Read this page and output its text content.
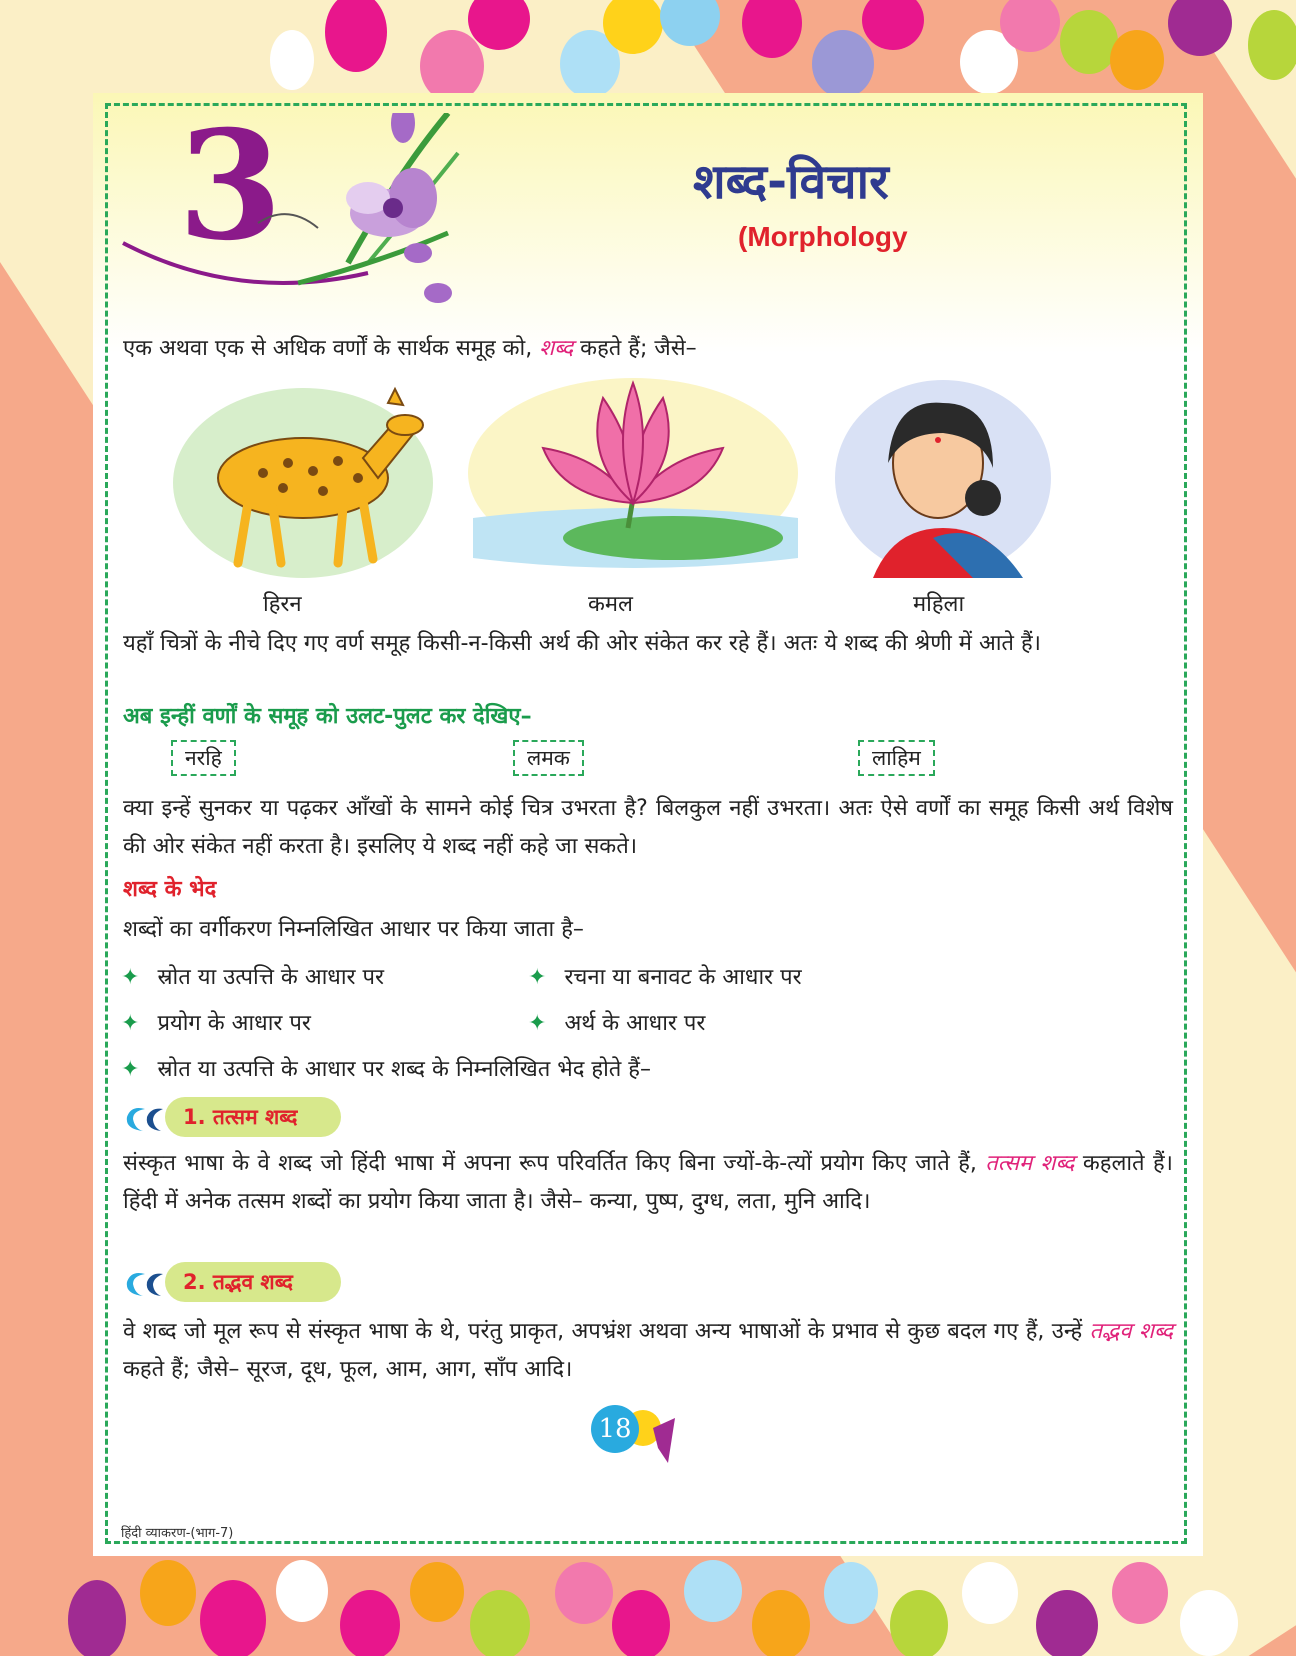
3	शब्द-विचार
(Morphology
एक अथवा एक से अधिक वर्णों के सार्थक समूह को, शब्द कहते हैं; जैसे–
हिरन	कमल	महिला
यहाँ चित्रों के नीचे दिए गए वर्ण समूह किसी-न-किसी अर्थ की ओर संकेत कर रहे हैं। अतः ये शब्द की श्रेणी में आते हैं।
अब इन्हीं वर्णों के समूह को उलट-पुलट कर देखिए–
नरहि	लमक	लाहिम
क्या इन्हें सुनकर या पढ़कर आँखों के सामने कोई चित्र उभरता है? बिलकुल नहीं उभरता। अतः ऐसे वर्णों का समूह किसी अर्थ विशेष की ओर संकेत नहीं करता है। इसलिए ये शब्द नहीं कहे जा सकते।
शब्द के भेद
शब्दों का वर्गीकरण निम्नलिखित आधार पर किया जाता है–
✦ स्रोत या उत्पत्ति के आधार पर	✦ रचना या बनावट के आधार पर
✦ प्रयोग के आधार पर	✦ अर्थ के आधार पर
✦ स्रोत या उत्पत्ति के आधार पर शब्द के निम्नलिखित भेद होते हैं–
1. तत्सम शब्द
संस्कृत भाषा के वे शब्द जो हिंदी भाषा में अपना रूप परिवर्तित किए बिना ज्यों-के-त्यों प्रयोग किए जाते हैं, तत्सम शब्द कहलाते हैं। हिंदी में अनेक तत्सम शब्दों का प्रयोग किया जाता है। जैसे– कन्या, पुष्प, दुग्ध, लता, मुनि आदि।
2. तद्भव शब्द
वे शब्द जो मूल रूप से संस्कृत भाषा के थे, परंतु प्राकृत, अपभ्रंश अथवा अन्य भाषाओं के प्रभाव से कुछ बदल गए हैं, उन्हें तद्भव शब्द कहते हैं; जैसे– सूरज, दूध, फूल, आम, आग, साँप आदि।
18
हिंदी व्याकरण-(भाग-7)
